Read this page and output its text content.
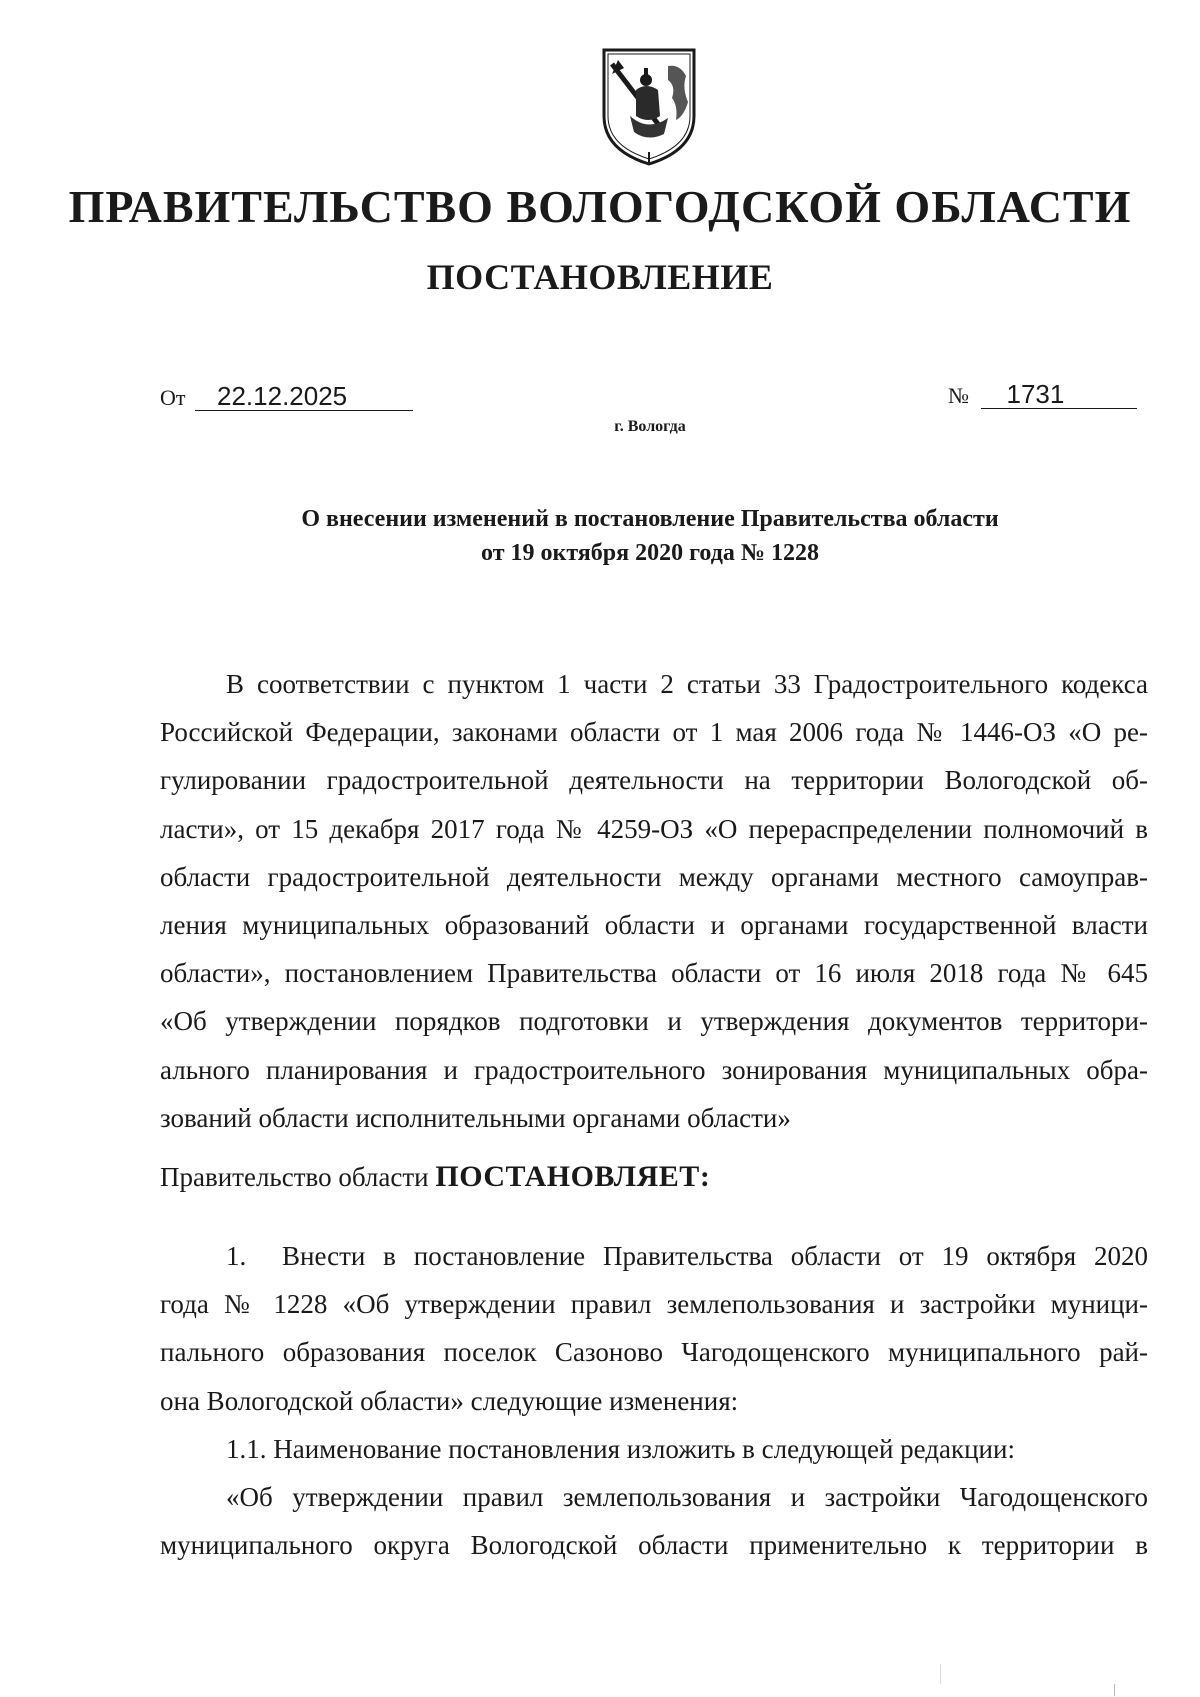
ПРАВИТЕЛЬСТВО ВОЛОГОДСКОЙ ОБЛАСТИ
ПОСТАНОВЛЕНИЕ
От 22.12.2025	№ 1731
г. Вологда
О внесении изменений в постановление Правительства области
от 19 октября 2020 года № 1228
В соответствии с пунктом 1 части 2 статьи 33 Градостроительного кодекса
Российской Федерации, законами области от 1 мая 2006 года № 1446-ОЗ «О ре-
гулировании градостроительной деятельности на территории Вологодской об-
ласти», от 15 декабря 2017 года № 4259-ОЗ «О перераспределении полномочий в
области градостроительной деятельности между органами местного самоуправ-
ления муниципальных образований области и органами государственной власти
области», постановлением Правительства области от 16 июля 2018 года № 645
«Об утверждении порядков подготовки и утверждения документов территори-
ального планирования и градостроительного зонирования муниципальных обра-
зований области исполнительными органами области»
Правительство области ПОСТАНОВЛЯЕТ:
1. Внести в постановление Правительства области от 19 октября 2020
года № 1228 «Об утверждении правил землепользования и застройки муници-
пального образования поселок Сазоново Чагодощенского муниципального рай-
она Вологодской области» следующие изменения:
1.1. Наименование постановления изложить в следующей редакции:
«Об утверждении правил землепользования и застройки Чагодощенского
муниципального округа Вологодской области применительно к территории в
